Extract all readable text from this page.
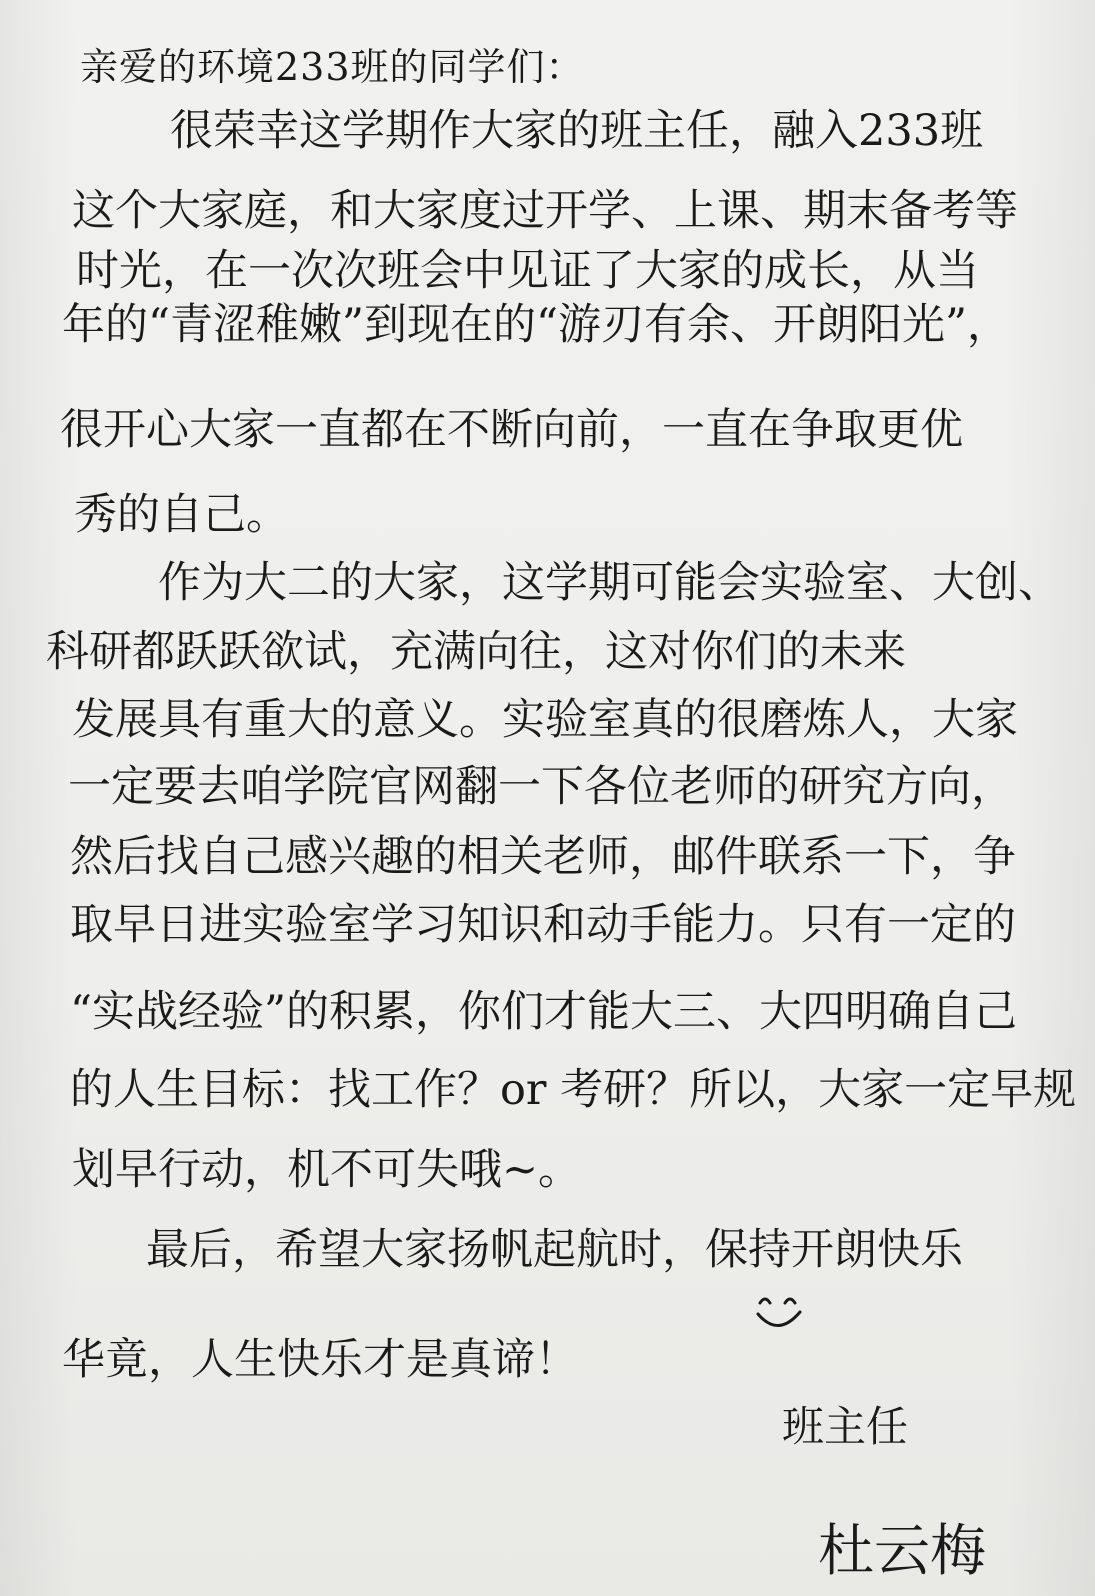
亲爱的环境233班的同学们：

很荣幸这学期作大家的班主任，融入233班

这个大家庭，和大家度过开学、上课、期末备考等

时光，在一次次班会中见证了大家的成长，从当

年的“青涩稚嫩”到现在的“游刃有余、开朗阳光”，

很开心大家一直都在不断向前，一直在争取更优

秀的自己。

作为大二的大家，这学期可能会实验室、大创、

科研都跃跃欲试，充满向往，这对你们的未来

发展具有重大的意义。实验室真的很磨炼人，大家

一定要去咱学院官网翻一下各位老师的研究方向，

然后找自己感兴趣的相关老师，邮件联系一下，争

取早日进实验室学习知识和动手能力。只有一定的

“实战经验”的积累，你们才能大三、大四明确自己

的人生目标：找工作？or 考研？所以，大家一定早规

划早行动，机不可失哦~。

最后，希望大家扬帆起航时，保持开朗快乐

华竟，人生快乐才是真谛！

班主任

杜云梅
